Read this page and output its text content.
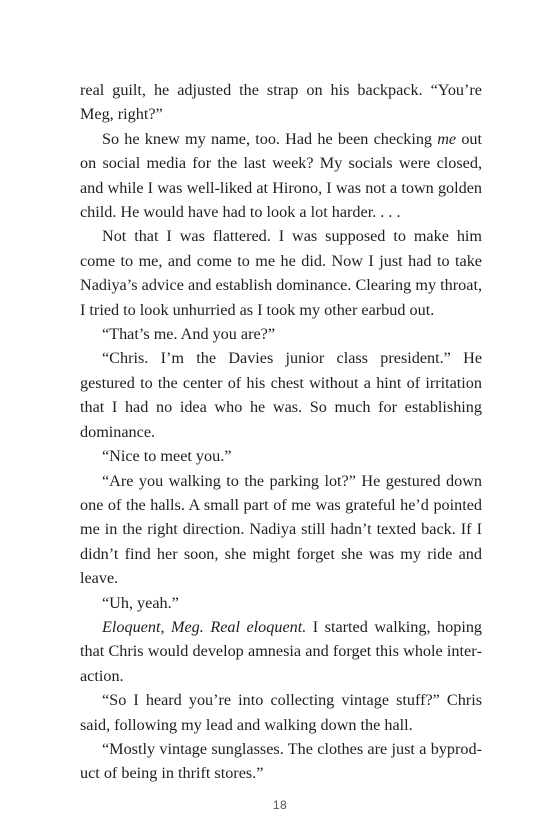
real guilt, he adjusted the strap on his backpack. “You’re Meg, right?”

So he knew my name, too. Had he been checking me out on social media for the last week? My socials were closed, and while I was well-liked at Hirono, I was not a town golden child. He would have had to look a lot harder. . . .

Not that I was flattered. I was supposed to make him come to me, and come to me he did. Now I just had to take Nadiya’s advice and establish dominance. Clearing my throat, I tried to look unhurried as I took my other earbud out.

“That’s me. And you are?”

“Chris. I’m the Davies junior class president.” He gestured to the center of his chest without a hint of irritation that I had no idea who he was. So much for establishing dominance.

“Nice to meet you.”

“Are you walking to the parking lot?” He gestured down one of the halls. A small part of me was grateful he’d pointed me in the right direction. Nadiya still hadn’t texted back. If I didn’t find her soon, she might forget she was my ride and leave.

“Uh, yeah.”

Eloquent, Meg. Real eloquent. I started walking, hoping that Chris would develop amnesia and forget this whole interaction.

“So I heard you’re into collecting vintage stuff?” Chris said, following my lead and walking down the hall.

“Mostly vintage sunglasses. The clothes are just a byproduct of being in thrift stores.”

18
